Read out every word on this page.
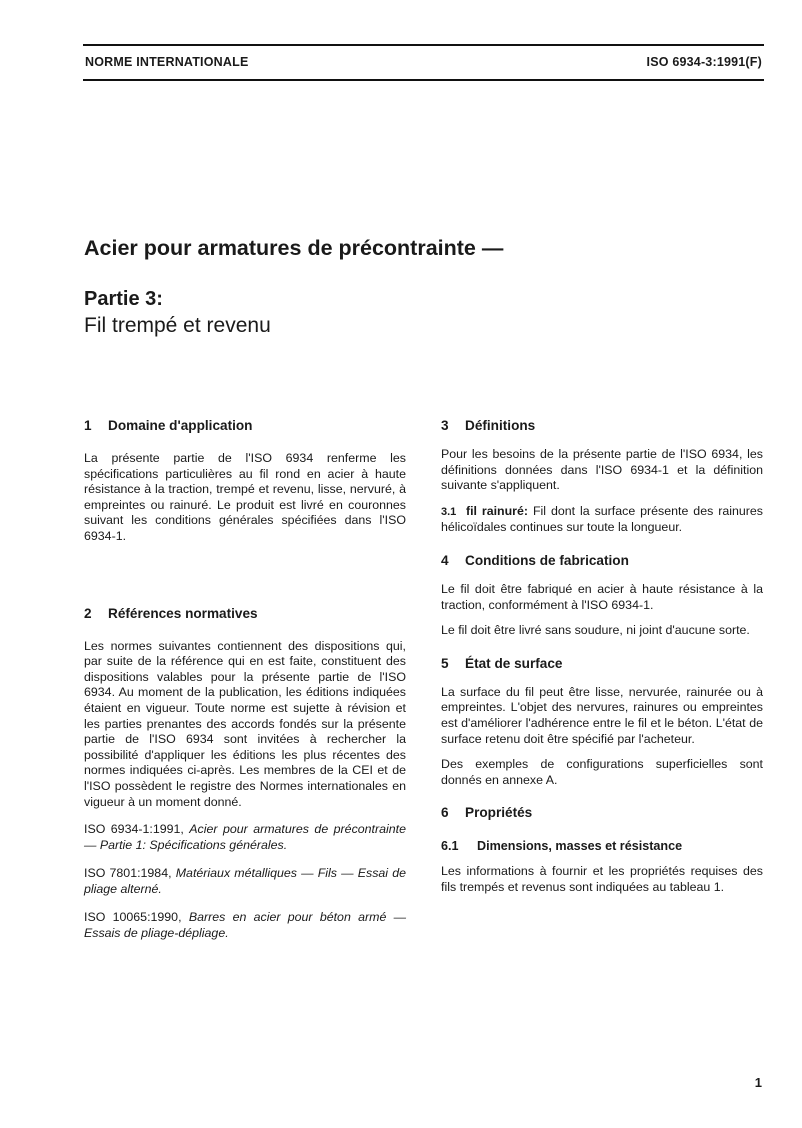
NORME INTERNATIONALE	ISO 6934-3:1991(F)
Acier pour armatures de précontrainte —
Partie 3:
Fil trempé et revenu
1 Domaine d'application

La présente partie de l'ISO 6934 renferme les spécifications particulières au fil rond en acier à haute résistance à la traction, trempé et revenu, lisse, nervuré, à empreintes ou rainuré. Le produit est livré en couronnes suivant les conditions générales spécifiées dans l'ISO 6934-1.

2 Références normatives

Les normes suivantes contiennent des dispositions qui, par suite de la référence qui en est faite, constituent des dispositions valables pour la présente partie de l'ISO 6934. Au moment de la publication, les éditions indiquées étaient en vigueur. Toute norme est sujette à révision et les parties prenantes des accords fondés sur la présente partie de l'ISO 6934 sont invitées à rechercher la possibilité d'appliquer les éditions les plus récentes des normes indiquées ci-après. Les membres de la CEI et de l'ISO possèdent le registre des Normes internationales en vigueur à un moment donné.

ISO 6934-1:1991, Acier pour armatures de précontrainte — Partie 1: Spécifications générales.
ISO 7801:1984, Matériaux métalliques — Fils — Essai de pliage alterné.
ISO 10065:1990, Barres en acier pour béton armé — Essais de pliage-dépliage.
3 Définitions

Pour les besoins de la présente partie de l'ISO 6934, les définitions données dans l'ISO 6934-1 et la définition suivante s'appliquent.

3.1 fil rainuré: Fil dont la surface présente des rainures hélicoïdales continues sur toute la longueur.

4 Conditions de fabrication

Le fil doit être fabriqué en acier à haute résistance à la traction, conformément à l'ISO 6934-1.

Le fil doit être livré sans soudure, ni joint d'aucune sorte.

5 État de surface

La surface du fil peut être lisse, nervurée, rainurée ou à empreintes. L'objet des nervures, rainures ou empreintes est d'améliorer l'adhérence entre le fil et le béton. L'état de surface retenu doit être spécifié par l'acheteur.

Des exemples de configurations superficielles sont donnés en annexe A.

6 Propriétés
6.1 Dimensions, masses et résistance

Les informations à fournir et les propriétés requises des fils trempés et revenus sont indiquées au tableau 1.

1
